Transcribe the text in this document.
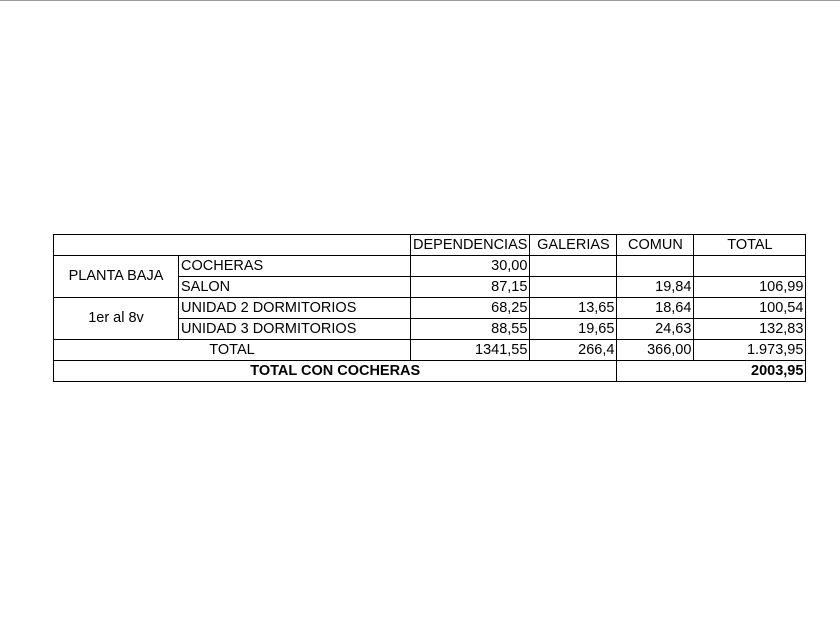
		DEPENDENCIAS	GALERIAS	COMUN	TOTAL
PLANTA BAJA	COCHERAS	30,00			
	SALON	87,15		19,84	106,99
1er al 8v	UNIDAD 2 DORMITORIOS	68,25	13,65	18,64	100,54
	UNIDAD 3 DORMITORIOS	88,55	19,65	24,63	132,83
TOTAL		1341,55	266,4	366,00	1.973,95
TOTAL CON COCHERAS				2003,95	
